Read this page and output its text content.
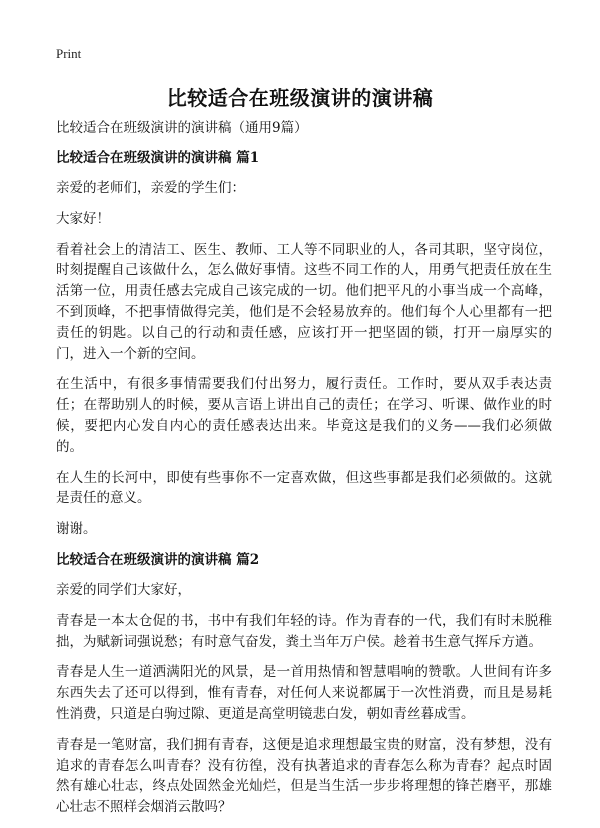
Print
比较适合在班级演讲的演讲稿

比较适合在班级演讲的演讲稿（通用9篇）

比较适合在班级演讲的演讲稿 篇1

亲爱的老师们，亲爱的学生们：

大家好！

看着社会上的清洁工、医生、教师、工人等不同职业的人，各司其职，坚守岗位，时刻提醒自己该做什么，怎么做好事情。这些不同工作的人，用勇气把责任放在生活第一位，用责任感去完成自己该完成的一切。他们把平凡的小事当成一个高峰，不到顶峰，不把事情做得完美，他们是不会轻易放弃的。他们每个人心里都有一把责任的钥匙。以自己的行动和责任感，应该打开一把坚固的锁，打开一扇厚实的门，进入一个新的空间。

在生活中，有很多事情需要我们付出努力，履行责任。工作时，要从双手表达责任；在帮助别人的时候，要从言语上讲出自己的责任；在学习、听课、做作业的时候，要把内心发自内心的责任感表达出来。毕竟这是我们的义务——我们必须做的。

在人生的长河中，即使有些事你不一定喜欢做，但这些事都是我们必须做的。这就是责任的意义。

谢谢。

比较适合在班级演讲的演讲稿 篇2

亲爱的同学们大家好，

青春是一本太仓促的书，书中有我们年轻的诗。作为青春的一代，我们有时未脱稚拙，为赋新词强说愁；有时意气奋发，粪土当年万户侯。趁着书生意气挥斥方遒。

青春是人生一道洒满阳光的风景，是一首用热情和智慧唱响的赞歌。人世间有许多东西失去了还可以得到，惟有青春，对任何人来说都属于一次性消费，而且是易耗性消费，只道是白驹过隙、更道是高堂明镜悲白发，朝如青丝暮成雪。

青春是一笔财富，我们拥有青春，这便是追求理想最宝贵的财富，没有梦想，没有追求的青春怎么叫青春？没有彷徨，没有执著追求的青春怎么称为青春？起点时固然有雄心壮志，终点处固然金光灿烂，但是当生活一步步将理想的锋芒磨平，那雄心壮志不照样会烟消云散吗？
